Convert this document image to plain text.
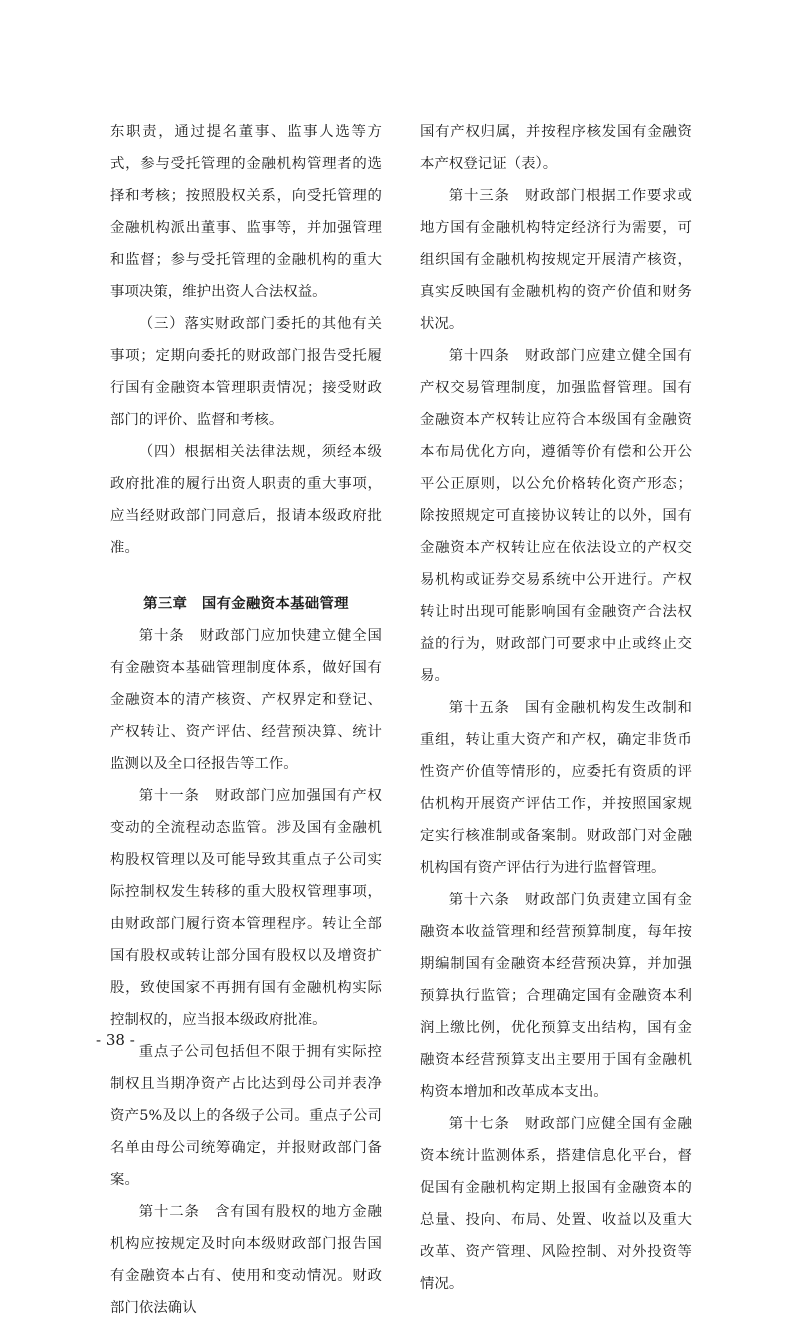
东职责，通过提名董事、监事人选等方式，参与受托管理的金融机构管理者的选择和考核；按照股权关系，向受托管理的金融机构派出董事、监事等，并加强管理和监督；参与受托管理的金融机构的重大事项决策，维护出资人合法权益。

（三）落实财政部门委托的其他有关事项；定期向委托的财政部门报告受托履行国有金融资本管理职责情况；接受财政部门的评价、监督和考核。

（四）根据相关法律法规，须经本级政府批准的履行出资人职责的重大事项，应当经财政部门同意后，报请本级政府批准。

第三章　国有金融资本基础管理

第十条　财政部门应加快建立健全国有金融资本基础管理制度体系，做好国有金融资本的清产核资、产权界定和登记、产权转让、资产评估、经营预决算、统计监测以及全口径报告等工作。

第十一条　财政部门应加强国有产权变动的全流程动态监管。涉及国有金融机构股权管理以及可能导致其重点子公司实际控制权发生转移的重大股权管理事项，由财政部门履行资本管理程序。转让全部国有股权或转让部分国有股权以及增资扩股，致使国家不再拥有国有金融机构实际控制权的，应当报本级政府批准。

重点子公司包括但不限于拥有实际控制权且当期净资产占比达到母公司并表净资产5%及以上的各级子公司。重点子公司名单由母公司统筹确定，并报财政部门备案。

第十二条　含有国有股权的地方金融机构应按规定及时向本级财政部门报告国有金融资本占有、使用和变动情况。财政部门依法确认

国有产权归属，并按程序核发国有金融资本产权登记证（表）。

第十三条　财政部门根据工作要求或地方国有金融机构特定经济行为需要，可组织国有金融机构按规定开展清产核资，真实反映国有金融机构的资产价值和财务状况。

第十四条　财政部门应建立健全国有产权交易管理制度，加强监督管理。国有金融资本产权转让应符合本级国有金融资本布局优化方向，遵循等价有偿和公开公平公正原则，以公允价格转化资产形态；除按照规定可直接协议转让的以外，国有金融资本产权转让应在依法设立的产权交易机构或证券交易系统中公开进行。产权转让时出现可能影响国有金融资产合法权益的行为，财政部门可要求中止或终止交易。

第十五条　国有金融机构发生改制和重组，转让重大资产和产权，确定非货币性资产价值等情形的，应委托有资质的评估机构开展资产评估工作，并按照国家规定实行核准制或备案制。财政部门对金融机构国有资产评估行为进行监督管理。

第十六条　财政部门负责建立国有金融资本收益管理和经营预算制度，每年按期编制国有金融资本经营预决算，并加强预算执行监管；合理确定国有金融资本利润上缴比例，优化预算支出结构，国有金融资本经营预算支出主要用于国有金融机构资本增加和改革成本支出。

第十七条　财政部门应健全国有金融资本统计监测体系，搭建信息化平台，督促国有金融机构定期上报国有金融资本的总量、投向、布局、处置、收益以及重大改革、资产管理、风险控制、对外投资等情况。

- 38 -
